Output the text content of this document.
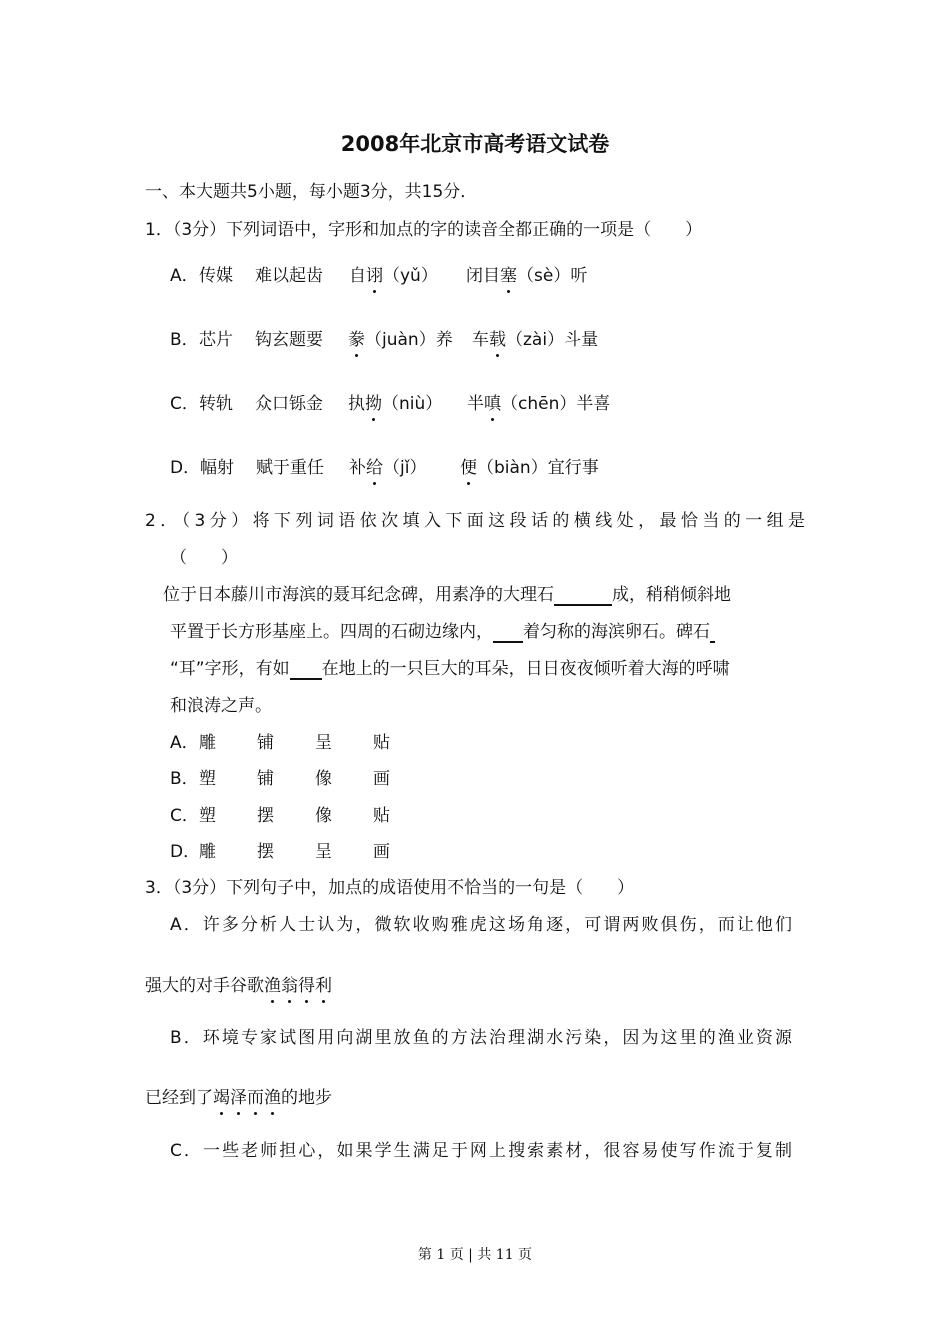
2008年北京市高考语文试卷
一、本大题共5小题，每小题3分，共15分．
1．（3分）下列词语中，字形和加点的字的读音全都正确的一项是（　　）
A． 传媒 难以起齿 自诩（yǔ） 闭目塞（sè）听
B． 芯片 钩玄题要 豢（juàn）养 车载（zài）斗量
C． 转轨 众口铄金 执拗（niù） 半嗔（chēn）半喜
D． 幅射 赋于重任 补给（jǐ） 便（biàn）宜行事
2．（3分）将下列词语依次填入下面这段话的横线处，最恰当的一组是
（　　）
位于日本藤川市海滨的聂耳纪念碑，用素净的大理石	成，稍稍倾斜地
平置于长方形基座上。四周的石砌边缘内， 着匀称的海滨卵石。碑石
“耳”字形，有如 在地上的一只巨大的耳朵，日日夜夜倾听着大海的呼啸
和浪涛之声。
A． 雕 铺 呈 贴
B． 塑 铺 像 画
C． 塑 摆 像 贴
D．
雕 摆 呈 画
3．（3分）下列句子中，加点的成语使用不恰当的一句是（　　）
A．许多分析人士认为，微软收购雅虎这场角逐，可谓两败俱伤，而让他们
强大的对手谷歌渔翁得利
B．环境专家试图用向湖里放鱼的方法治理湖水污染，因为这里的渔业资源
已经到了竭泽而渔的地步
C．一些老师担心，如果学生满足于网上搜索素材，很容易使写作流于复制
第 1 页 | 共 11 页
